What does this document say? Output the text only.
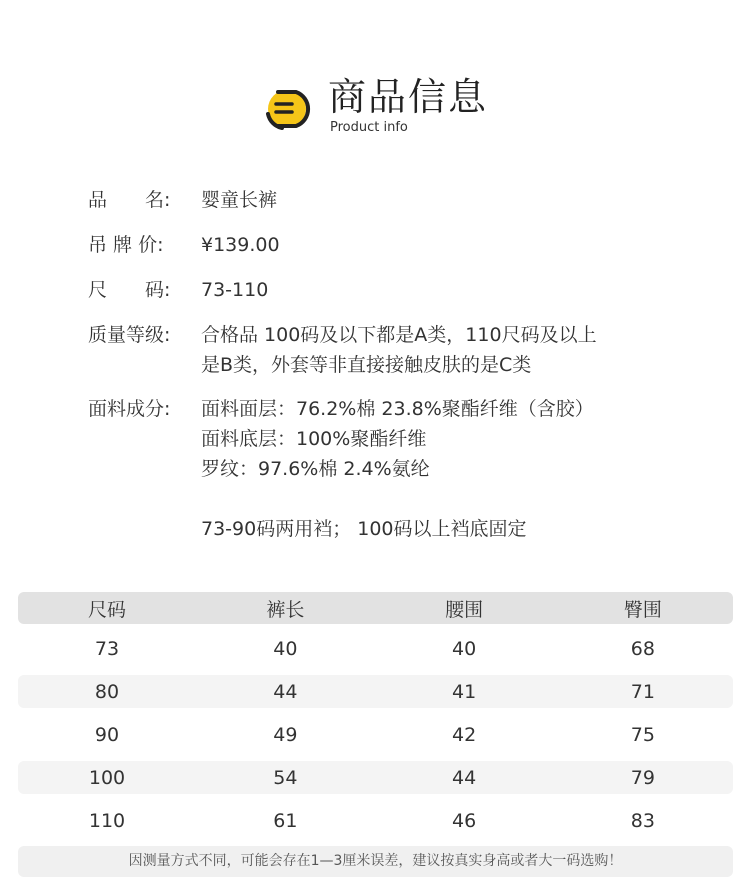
商品信息
Product info
品　　名:	婴童长裤
吊 牌 价:	¥139.00
尺　　码:	73-110
质量等级:	合格品 100码及以下都是A类，110尺码及以上
是B类，外套等非直接接触皮肤的是C类
面料成分:	面料面层：76.2%棉 23.8%聚酯纤维（含胶）
面料底层：100%聚酯纤维
罗纹：97.6%棉 2.4%氨纶
73-90码两用裆； 100码以上裆底固定
尺码	裤长	腰围	臀围
73	40	40	68
80	44	41	71
90	49	42	75
100	54	44	79
110	61	46	83
因测量方式不同，可能会存在1—3厘米误差，建议按真实身高或者大一码选购！
